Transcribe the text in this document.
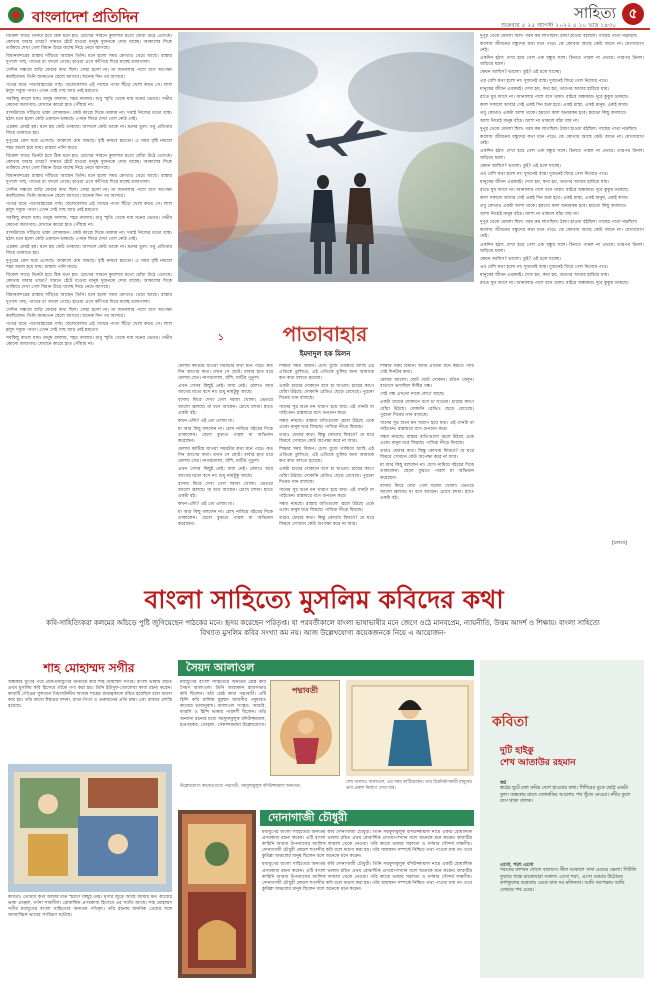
বাংলাদেশ প্রতিদিন	সাহিত্য ৫
শুক্রবার ৫ ২৫ আগস্ট ২০২২ ৫ ১০ ভাদ্র ১৪৩০

বিকেল সাড়ে তিনটা হবে ঠিক মনে হয়। চোখের সামনে কুয়াশার মতো ধোঁয়া উঠে এসেছে। কোথায় যাবার তাড়া? সামনে হেঁটে যাওয়া মানুষ দুজনকে দেখা যাচ্ছে। আকাশের দিকে তাকিয়ে দেখা গেল বিমান উড়ে যাচ্ছে নিচে নেমে আসছে।

বিমানবন্দরের রাস্তায় দাঁড়িয়ে আছেন তিনি। মনে হলো সময় কোথাও থেমে আছে। রাস্তার দুপাশে গাছ, পাতার রং বদলে গেছে। হাওয়া এসে কাঁপিয়ে দিয়ে যাচ্ছে ডালপালা।

সেদিন সন্ধ্যায় বাড়ি ফেরার কথা ছিল। ফেরা হলো না। মা জানালার পাশে বসে অপেক্ষা করছিলেন। তিনি জানতেন ছেলে আসবে। অনেক দিন পর আসবে।

পথের ধারে পাতাবাহারের গাছ। ছেলেবেলায় এই গাছের পাতা ছিঁড়ে খেলা করত সে। লাল হলুদ সবুজ পাতা। এখন সেই গাছ আর নেই হয়তো।

সবকিছু বদলে যায়। মানুষ বদলায়, শহর বদলায়। শুধু স্মৃতি থেকে যায় মনের ভেতর। গভীর কোনো জায়গায়। যেখানে কারো হাত পৌঁছায় না।

বাসস্ট্যান্ডে দাঁড়িয়ে থাকা লোকজন। কেউ কারো দিকে তাকায় না। সবাই নিজের মতো ব্যস্ত। হঠাৎ মনে হলো কেউ একজন ডাকছে। পেছন ফিরে দেখা গেল কেউ নেই।

এরকম প্রায়ই হয়। মনে হয় কেউ ডাকছে। আসলে কেউ ডাকে না। মনের ভুল। তবু প্রতিবার ফিরে তাকাতে হয়।

দুপুরের রোদ মরে এসেছে। আকাশে মেঘ জমছে। বৃষ্টি নামবে হয়তো। এ সময় বৃষ্টি নামলে শহর অচল হয়ে যায়। রাস্তায় পানি জমে।

বিকেল সাড়ে তিনটা হবে ঠিক মনে হয়। চোখের সামনে কুয়াশার মতো ধোঁয়া উঠে এসেছে। কোথায় যাবার তাড়া? সামনে হেঁটে যাওয়া মানুষ দুজনকে দেখা যাচ্ছে। আকাশের দিকে তাকিয়ে দেখা গেল বিমান উড়ে যাচ্ছে নিচে নেমে আসছে।

বিমানবন্দরের রাস্তায় দাঁড়িয়ে আছেন তিনি। মনে হলো সময় কোথাও থেমে আছে। রাস্তার দুপাশে গাছ, পাতার রং বদলে গেছে। হাওয়া এসে কাঁপিয়ে দিয়ে যাচ্ছে ডালপালা।

সেদিন সন্ধ্যায় বাড়ি ফেরার কথা ছিল। ফেরা হলো না। মা জানালার পাশে বসে অপেক্ষা করছিলেন। তিনি জানতেন ছেলে আসবে। অনেক দিন পর আসবে।

পথের ধারে পাতাবাহারের গাছ। ছেলেবেলায় এই গাছের পাতা ছিঁড়ে খেলা করত সে। লাল হলুদ সবুজ পাতা। এখন সেই গাছ আর নেই হয়তো।

সবকিছু বদলে যায়। মানুষ বদলায়, শহর বদলায়। শুধু স্মৃতি থেকে যায় মনের ভেতর। গভীর কোনো জায়গায়। যেখানে কারো হাত পৌঁছায় না।

বাসস্ট্যান্ডে দাঁড়িয়ে থাকা লোকজন। কেউ কারো দিকে তাকায় না। সবাই নিজের মতো ব্যস্ত। হঠাৎ মনে হলো কেউ একজন ডাকছে। পেছন ফিরে দেখা গেল কেউ নেই।

এরকম প্রায়ই হয়। মনে হয় কেউ ডাকছে। আসলে কেউ ডাকে না। মনের ভুল। তবু প্রতিবার ফিরে তাকাতে হয়।

দুপুরের রোদ মরে এসেছে। আকাশে মেঘ জমছে। বৃষ্টি নামবে হয়তো। এ সময় বৃষ্টি নামলে শহর অচল হয়ে যায়। রাস্তায় পানি জমে।

বিকেল সাড়ে তিনটা হবে ঠিক মনে হয়। চোখের সামনে কুয়াশার মতো ধোঁয়া উঠে এসেছে। কোথায় যাবার তাড়া? সামনে হেঁটে যাওয়া মানুষ দুজনকে দেখা যাচ্ছে। আকাশের দিকে তাকিয়ে দেখা গেল বিমান উড়ে যাচ্ছে নিচে নেমে আসছে।

বিমানবন্দরের রাস্তায় দাঁড়িয়ে আছেন তিনি। মনে হলো সময় কোথাও থেমে আছে। রাস্তার দুপাশে গাছ, পাতার রং বদলে গেছে। হাওয়া এসে কাঁপিয়ে দিয়ে যাচ্ছে ডালপালা।

সেদিন সন্ধ্যায় বাড়ি ফেরার কথা ছিল। ফেরা হলো না। মা জানালার পাশে বসে অপেক্ষা করছিলেন। তিনি জানতেন ছেলে আসবে। অনেক দিন পর আসবে।

পথের ধারে পাতাবাহারের গাছ। ছেলেবেলায় এই গাছের পাতা ছিঁড়ে খেলা করত সে। লাল হলুদ সবুজ পাতা। এখন সেই গাছ আর নেই হয়তো।

সবকিছু বদলে যায়। মানুষ বদলায়, শহর বদলায়। শুধু স্মৃতি থেকে যায় মনের ভেতর। গভীর কোনো জায়গায়। যেখানে কারো হাত পৌঁছায় না।

১	পাতাবাহার
ইমদাদুল হক মিলন

মেলায় কাটিয়ে যাওয়া সময়টার কথা মনে পড়ে। কত দিন আগের কথা। তখন সে ছোট। বাবার হাত ধরে মেলায় যেত। নাগরদোলা, বাঁশি, মাটির পুতুল।

এখন সেসব কিছুই নেই। বাবা নেই। মেলাও আর আগের মতো বসে না। শুধু নামটুকু আছে।

বাসায় ফিরে দেখা গেল দরজা খোলা। ভেতরে আলো জ্বলছে। মা বসে আছেন। চোখে চশমা। হাতে একটা বই।

কখন এলি? এই তো এলাম মা।

মা আর কিছু বললেন না। চোখ নামিয়ে বইয়ের দিকে তাকালেন। ছেলে বুঝতে পারল মা অভিমান করেছেন।

মেলায় কাটিয়ে যাওয়া সময়টার কথা মনে পড়ে। কত দিন আগের কথা। তখন সে ছোট। বাবার হাত ধরে মেলায় যেত। নাগরদোলা, বাঁশি, মাটির পুতুল।

এখন সেসব কিছুই নেই। বাবা নেই। মেলাও আর আগের মতো বসে না। শুধু নামটুকু আছে।

বাসায় ফিরে দেখা গেল দরজা খোলা। ভেতরে আলো জ্বলছে। মা বসে আছেন। চোখে চশমা। হাতে একটা বই।

কখন এলি? এই তো এলাম মা।

মা আর কিছু বললেন না। চোখ নামিয়ে বইয়ের দিকে তাকালেন। ছেলে বুঝতে পারল মা অভিমান করেছেন।

শিক্ষার সময় বিমান। চোখ বুজে তাকিয়ে আছি এই এতিকে তুলিতে, এই এতিকে তুলির জন্য আমাকে কত কথা বলতে হয়েছে।

একটা চায়ের দোকানে বসে চা খাওয়া। চায়ের কাপে ধোঁয়া উঠছে। দোকানি রেডিও ছেড়ে রেখেছে। পুরনো দিনের গান বাজছে।

গানের সুর শুনে মন খারাপ হয়ে যায়। এই গানটা মা গাইতেন। রান্নাঘরে বসে গুনগুন করে।

সন্ধ্যা নামছে। রাস্তার বাতিগুলো জ্বলে উঠছে একে একে। মানুষ ঘরে ফিরছে। পাখিরা নীড়ে ফিরছে।

তারও ফেরার কথা। কিন্তু কোথায় ফিরবে? যে ঘরে ফিরবে সেখানে কেউ অপেক্ষা করে না আর।

শিক্ষার সময় বিমান। চোখ বুজে তাকিয়ে আছি এই এতিকে তুলিতে, এই এতিকে তুলির জন্য আমাকে কত কথা বলতে হয়েছে।

একটা চায়ের দোকানে বসে চা খাওয়া। চায়ের কাপে ধোঁয়া উঠছে। দোকানি রেডিও ছেড়ে রেখেছে। পুরনো দিনের গান বাজছে।

গানের সুর শুনে মন খারাপ হয়ে যায়। এই গানটা মা গাইতেন। রান্নাঘরে বসে গুনগুন করে।

সন্ধ্যা নামছে। রাস্তার বাতিগুলো জ্বলে উঠছে একে একে। মানুষ ঘরে ফিরছে। পাখিরা নীড়ে ফিরছে।

তারও ফেরার কথা। কিন্তু কোথায় ফিরবে? যে ঘরে ফিরবে সেখানে কেউ অপেক্ষা করে না আর।

শিক্ষার সময় বিমান। আমি এখনো মনে করতে পারি সেই দিনটার কথা।

মেলার আলো। ছোট ছোট দোকান। রঙিন বেলুন। বাতাসে ভাসছিল মিষ্টির গন্ধ।

সেই গন্ধ এখনো নাকে লেগে আছে।

একটা চায়ের দোকানে বসে চা খাওয়া। চায়ের কাপে ধোঁয়া উঠছে। দোকানি রেডিও ছেড়ে রেখেছে। পুরনো দিনের গান বাজছে।

গানের সুর শুনে মন খারাপ হয়ে যায়। এই গানটা মা গাইতেন। রান্নাঘরে বসে গুনগুন করে।

সন্ধ্যা নামছে। রাস্তার বাতিগুলো জ্বলে উঠছে একে একে। মানুষ ঘরে ফিরছে। পাখিরা নীড়ে ফিরছে।

তারও ফেরার কথা। কিন্তু কোথায় ফিরবে? যে ঘরে ফিরবে সেখানে কেউ অপেক্ষা করে না আর।

মা আর কিছু বললেন না। চোখ নামিয়ে বইয়ের দিকে তাকালেন। ছেলে বুঝতে পারল মা অভিমান করেছেন।

বাসায় ফিরে দেখা গেল দরজা খোলা। ভেতরে আলো জ্বলছে। মা বসে আছেন। চোখে চশমা। হাতে একটা বই।

দুপুর থেকে মেঘলা ছিল। গরম কম লাগছিল। ঠান্ডা হাওয়া বইছিল। গাছের পাতা নড়ছিল।

কলেজ জীবনের বন্ধুদের কথা মনে পড়ে। কে কোথায় আছে কেউ জানে না। যোগাযোগ নেই।

একদিন হঠাৎ দেখা হয়ে গেল এক বন্ধুর সঙ্গে। চিনতে পারল না প্রথমে। তারপর চিনল। জড়িয়ে ধরল।

কেমন আছিস? ভালো। তুই? এই চলে যাচ্ছে।

এর বেশি কথা হলো না। দুজনেই ব্যস্ত। দুজনেই ফিরে গেল নিজের পথে।

মানুষের জীবন এরকমই। দেখা হয়, কথা হয়, তারপর আবার হারিয়ে যায়।

রাতে ঘুম আসে না। জানালার পাশে বসে থাকা। বাইরে অন্ধকার। দূরে কুকুর ডাকছে।

কাল সকালে আবার সেই একই দিন শুরু হবে। একই রাস্তা, একই মানুষ, একই কাজ।

তবু কোথাও একটা আশা থাকে। হয়তো কাল অন্যরকম হবে। হয়তো কিছু বদলাবে।

আশা নিয়েই মানুষ বাঁচে। আশা না থাকলে বাঁচা যায় না।

দুপুর থেকে মেঘলা ছিল। গরম কম লাগছিল। ঠান্ডা হাওয়া বইছিল। গাছের পাতা নড়ছিল।

কলেজ জীবনের বন্ধুদের কথা মনে পড়ে। কে কোথায় আছে কেউ জানে না। যোগাযোগ নেই।

একদিন হঠাৎ দেখা হয়ে গেল এক বন্ধুর সঙ্গে। চিনতে পারল না প্রথমে। তারপর চিনল। জড়িয়ে ধরল।

কেমন আছিস? ভালো। তুই? এই চলে যাচ্ছে।

এর বেশি কথা হলো না। দুজনেই ব্যস্ত। দুজনেই ফিরে গেল নিজের পথে।

মানুষের জীবন এরকমই। দেখা হয়, কথা হয়, তারপর আবার হারিয়ে যায়।

রাতে ঘুম আসে না। জানালার পাশে বসে থাকা। বাইরে অন্ধকার। দূরে কুকুর ডাকছে।

কাল সকালে আবার সেই একই দিন শুরু হবে। একই রাস্তা, একই মানুষ, একই কাজ।

তবু কোথাও একটা আশা থাকে। হয়তো কাল অন্যরকম হবে। হয়তো কিছু বদলাবে।

আশা নিয়েই মানুষ বাঁচে। আশা না থাকলে বাঁচা যায় না।

দুপুর থেকে মেঘলা ছিল। গরম কম লাগছিল। ঠান্ডা হাওয়া বইছিল। গাছের পাতা নড়ছিল।

কলেজ জীবনের বন্ধুদের কথা মনে পড়ে। কে কোথায় আছে কেউ জানে না। যোগাযোগ নেই।

একদিন হঠাৎ দেখা হয়ে গেল এক বন্ধুর সঙ্গে। চিনতে পারল না প্রথমে। তারপর চিনল। জড়িয়ে ধরল।

কেমন আছিস? ভালো। তুই? এই চলে যাচ্ছে।

এর বেশি কথা হলো না। দুজনেই ব্যস্ত। দুজনেই ফিরে গেল নিজের পথে।

মানুষের জীবন এরকমই। দেখা হয়, কথা হয়, তারপর আবার হারিয়ে যায়।

রাতে ঘুম আসে না। জানালার পাশে বসে থাকা। বাইরে অন্ধকার। দূরে কুকুর ডাকছে।

[চলবে]
বাংলা সাহিত্যে মুসলিম কবিদের কথা
কবি-সাহিত্যিকরা কলমের আঁচড়ে পুষ্টি জুগিয়েছেন পাঠকের মনে। হৃদয় করেছেন পরিতৃপ্ত। যা পরবর্তীকালে বাংলা ভাষাভাষীর মনে জেগে ওঠে মানবপ্রেম, ন্যায়নীতি, উত্তম আদর্শ ও শিক্ষায়। বাংলা সাহিত্যে বিখ্যাত মুসলিম কবির সংখ্যা কম নয়। আজ উল্লেখযোগ্য কয়েকজনকে নিয়ে এ আয়োজন-
শাহ মোহাম্মদ সগীর

অন্ধকার যুগের পরে প্রাক-মধ্যযুগের অন্যতম কবি শাহ মোহাম্মদ সগীর। বাংলা ভাষায় রচিত প্রথম মুসলিম কবি হিসেবে তাঁকে গণ্য করা হয়। তিনি ইউসুফ-জোলেখা কাব্য রচনা করেন। কাব্যটি গৌড়ের সুলতান গিয়াসউদ্দীন আজম শাহের রাজত্বকালে রচিত হয়েছিল বলে ধারণা করা হয়। তাঁর কাব্যে ঈশ্বরের বন্দনা, মাতা-পিতা ও গুরুজনের প্রতি শ্রদ্ধা এবং রাজার প্রশস্তি রয়েছে।

কবিতা: তোমার কথা আমার মনে স্মরণে কিছুই নেই। ঘৃণার জুড়ে আছে আমার মন। কাব্যের ভাষা প্রাঞ্জল, বর্ণনা সাবলীল। রোমান্টিক প্রণয়কাব্য হিসেবে এর খ্যাতি আছে। শাহ মোহাম্মদ সগীর মধ্যযুগের বাংলা সাহিত্যের অন্যতম পথিকৃৎ। তাঁর রচনায় মানবিক প্রেমের সঙ্গে আধ্যাত্মিক ভাবের সংমিশ্রণ ঘটেছে।

সৈয়দ আলাওল

মধ্যযুগের বাংলা সাহিত্যের অন্যতম শ্রেষ্ঠ কবি সৈয়দ আলাওল। তিনি আরাকান রাজসভার কবি ছিলেন। তাঁর শ্রেষ্ঠ কাব্য পদ্মাবতী। এটি হিন্দি কবি মালিক মুহম্মদ জায়সীর পদুমাবত কাব্যের ভাবানুবাদ। আলাওল সংস্কৃত, আরবি, ফারসি ও হিন্দি ভাষায় পারদর্শী ছিলেন। তাঁর অন্যান্য রচনার মধ্যে সয়ফুলমুলুক বদিউজ্জামাল, হপ্তপয়কর, তোহফা, সেকান্দরনামা উল্লেখযোগ্য।

পদ্মাবতী
শেখ আলাও আলাওল, এর সময় কাটিয়েছেন। তার চিত্রনির্মাণকারী মানুষের ভাব প্রকাশ নির্মাণে দেখা যায়।
উল্লেখযোগ্য কাব্যের মধ্যে পদ্মাবতী, সয়ফুলমুলুক বদিউজ্জামাল অন্যতম।
দোনাগাজী চৌধুরী

মধ্যযুগের বাংলা সাহিত্যের অন্যতম কবি দোনাগাজী চৌধুরী। তিনি সয়ফুলমুলুক বদিউজ্জামাল নামে একটি রোমান্টিক প্রণয়কাব্য রচনা করেন। এটি বাংলা ভাষায় রচিত প্রথম রোমান্টিক প্রণয়োপাখ্যান বলে অনেকে মনে করেন। কাব্যটির কাহিনি আরব্য উপন্যাসের আলিফ লায়লা থেকে নেওয়া। তাঁর কাব্যে ভাষার সরলতা ও বর্ণনার সৌন্দর্য লক্ষণীয়। দোনাগাজী চৌধুরী ষোড়শ শতাব্দীর কবি বলে ধারণা করা হয়। তাঁর জন্মস্থান সম্পর্কে নিশ্চিত তথ্য পাওয়া যায় না। তবে কুমিল্লা অঞ্চলের মানুষ ছিলেন বলে অনেকে মনে করেন।

মধ্যযুগের বাংলা সাহিত্যের অন্যতম কবি দোনাগাজী চৌধুরী। তিনি সয়ফুলমুলুক বদিউজ্জামাল নামে একটি রোমান্টিক প্রণয়কাব্য রচনা করেন। এটি বাংলা ভাষায় রচিত প্রথম রোমান্টিক প্রণয়োপাখ্যান বলে অনেকে মনে করেন। কাব্যটির কাহিনি আরব্য উপন্যাসের আলিফ লায়লা থেকে নেওয়া। তাঁর কাব্যে ভাষার সরলতা ও বর্ণনার সৌন্দর্য লক্ষণীয়। দোনাগাজী চৌধুরী ষোড়শ শতাব্দীর কবি বলে ধারণা করা হয়। তাঁর জন্মস্থান সম্পর্কে নিশ্চিত তথ্য পাওয়া যায় না। তবে কুমিল্লা অঞ্চলের মানুষ ছিলেন বলে অনেকে মনে করেন।

কবিতা
দুটি হাইকু
শেখ আতাউর রহমান
স্বপ্ন
স্বপ্নের ছুটে চলা কবির দেশে হাওয়ার কথা। শিশিরের বুকে ছোট্ট একটা ফুল। অন্ধকার রাতে জোনাকির আলোয় পথ খুঁজে নেওয়া। নদীর কূলে বসে থাকা বালক।
এসো, শরৎ এসো
শরতের কাশবন দোলে বাতাসে। নীল আকাশে সাদা মেঘের ভেলা। শিউলি ফুলের গন্ধে মাতোয়ারা সকাল। এসো শরৎ, এসো আমার উঠোনে। কাশফুলের শুভ্রতায় ঢেকে যাক সব মলিনতা। আমি অপেক্ষায় আছি তোমার পথ চেয়ে।
